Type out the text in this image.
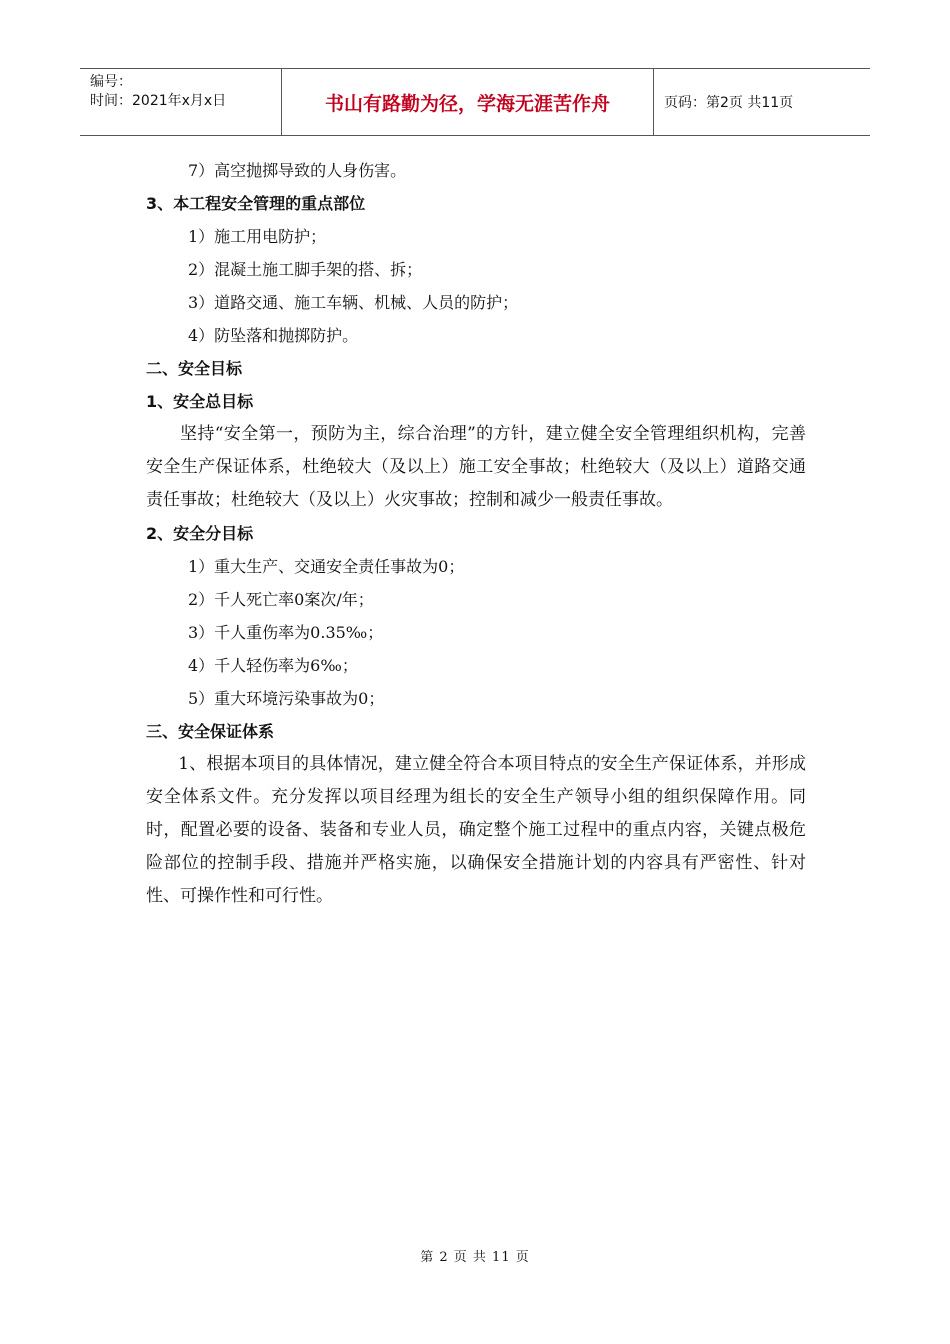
编号：
时间：2021年x月x日	书山有路勤为径，学海无涯苦作舟	页码：第2页 共11页
7）高空抛掷导致的人身伤害。
3、本工程安全管理的重点部位
1）施工用电防护；
2）混凝土施工脚手架的搭、拆；
3）道路交通、施工车辆、机械、人员的防护；
4）防坠落和抛掷防护。
二、安全目标
1、安全总目标
坚持“安全第一，预防为主，综合治理”的方针，建立健全安全管理组织机构，完善安全生产保证体系，杜绝较大（及以上）施工安全事故；杜绝较大（及以上）道路交通责任事故；杜绝较大（及以上）火灾事故；控制和减少一般责任事故。
2、安全分目标
1）重大生产、交通安全责任事故为0；
2）千人死亡率0案次/年；
3）千人重伤率为0.35‰；
4）千人轻伤率为6‰；
5）重大环境污染事故为0；
三、安全保证体系
1、根据本项目的具体情况，建立健全符合本项目特点的安全生产保证体系，并形成安全体系文件。充分发挥以项目经理为组长的安全生产领导小组的组织保障作用。同时，配置必要的设备、装备和专业人员，确定整个施工过程中的重点内容，关键点极危险部位的控制手段、措施并严格实施，以确保安全措施计划的内容具有严密性、针对性、可操作性和可行性。
第 2 页 共 11 页
